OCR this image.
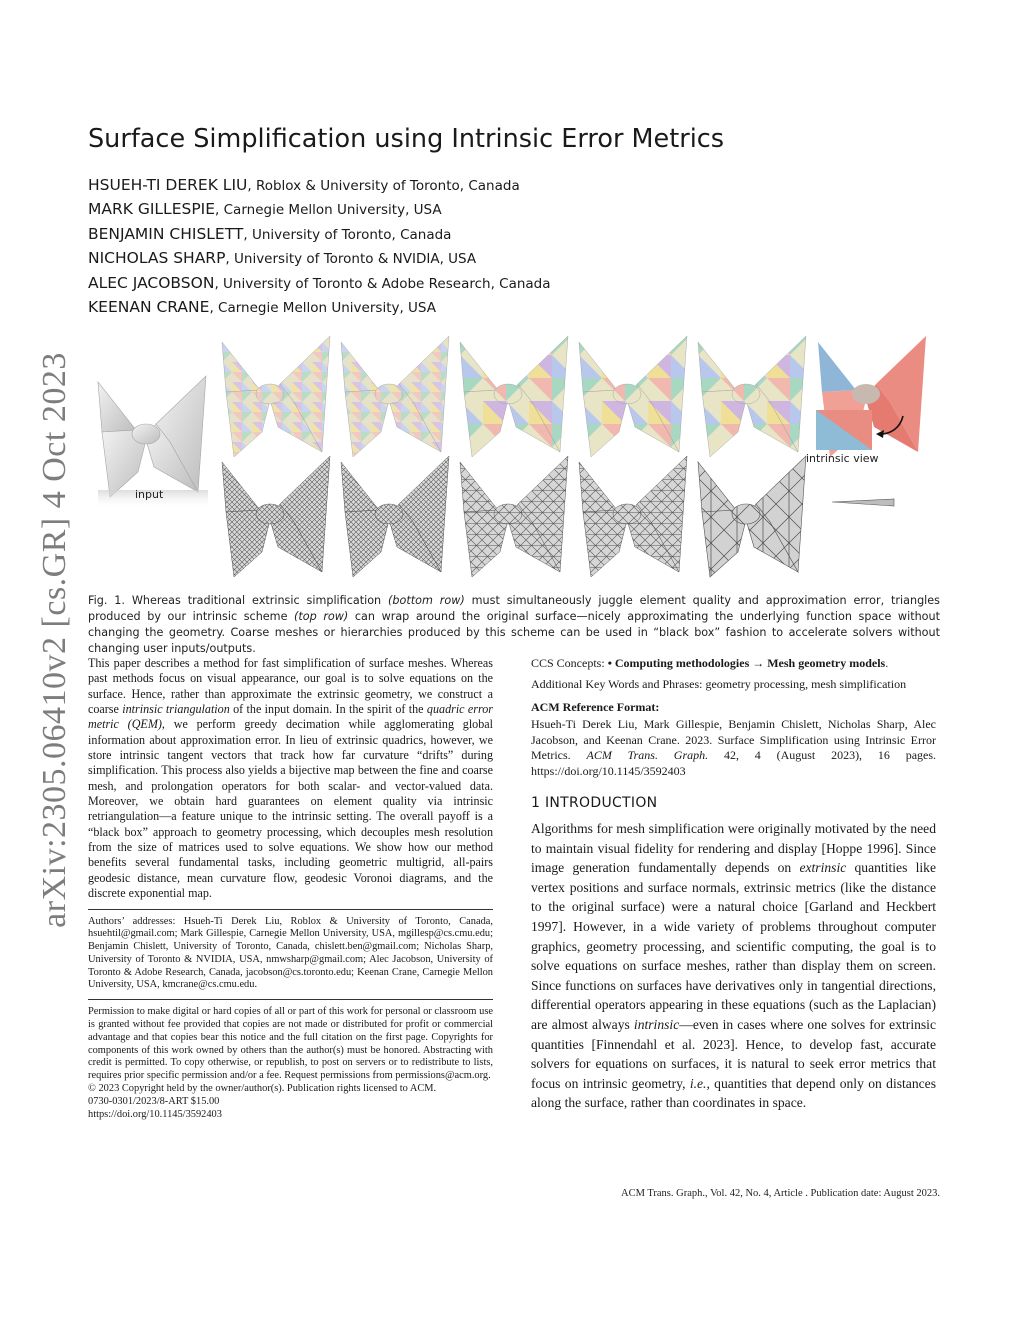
arXiv:2305.06410v2 [cs.GR] 4 Oct 2023
Surface Simplification using Intrinsic Error Metrics
HSUEH-TI DEREK LIU, Roblox & University of Toronto, Canada
MARK GILLESPIE, Carnegie Mellon University, USA
BENJAMIN CHISLETT, University of Toronto, Canada
NICHOLAS SHARP, University of Toronto & NVIDIA, USA
ALEC JACOBSON, University of Toronto & Adobe Research, Canada
KEENAN CRANE, Carnegie Mellon University, USA
input
intrinsic view
Fig. 1. Whereas traditional extrinsic simplification (bottom row) must simultaneously juggle element quality and approximation error, triangles produced by our intrinsic scheme (top row) can wrap around the original surface—nicely approximating the underlying function space without changing the geometry. Coarse meshes or hierarchies produced by this scheme can be used in “black box” fashion to accelerate solvers without changing user inputs/outputs.

This paper describes a method for fast simplification of surface meshes. Whereas past methods focus on visual appearance, our goal is to solve equations on the surface. Hence, rather than approximate the extrinsic geometry, we construct a coarse intrinsic triangulation of the input domain. In the spirit of the quadric error metric (QEM), we perform greedy decimation while agglomerating global information about approximation error. In lieu of extrinsic quadrics, however, we store intrinsic tangent vectors that track how far curvature “drifts” during simplification. This process also yields a bijective map between the fine and coarse mesh, and prolongation operators for both scalar- and vector-valued data. Moreover, we obtain hard guarantees on element quality via intrinsic retriangulation—a feature unique to the intrinsic setting. The overall payoff is a “black box” approach to geometry processing, which decouples mesh resolution from the size of matrices used to solve equations. We show how our method benefits several fundamental tasks, including geometric multigrid, all-pairs geodesic distance, mean curvature flow, geodesic Voronoi diagrams, and the discrete exponential map.

Authors’ addresses: Hsueh-Ti Derek Liu, Roblox & University of Toronto, Canada, hsuehtil@gmail.com; Mark Gillespie, Carnegie Mellon University, USA, mgillesp@cs.cmu.edu; Benjamin Chislett, University of Toronto, Canada, chislett.ben@gmail.com; Nicholas Sharp, University of Toronto & NVIDIA, USA, nmwsharp@gmail.com; Alec Jacobson, University of Toronto & Adobe Research, Canada, jacobson@cs.toronto.edu; Keenan Crane, Carnegie Mellon University, USA, kmcrane@cs.cmu.edu.

Permission to make digital or hard copies of all or part of this work for personal or classroom use is granted without fee provided that copies are not made or distributed for profit or commercial advantage and that copies bear this notice and the full citation on the first page. Copyrights for components of this work owned by others than the author(s) must be honored. Abstracting with credit is permitted. To copy otherwise, or republish, to post on servers or to redistribute to lists, requires prior specific permission and/or a fee. Request permissions from permissions@acm.org.

© 2023 Copyright held by the owner/author(s). Publication rights licensed to ACM.

0730-0301/2023/8-ART $15.00

https://doi.org/10.1145/3592403

CCS Concepts: • Computing methodologies → Mesh geometry models.

Additional Key Words and Phrases: geometry processing, mesh simplification

ACM Reference Format:

Hsueh-Ti Derek Liu, Mark Gillespie, Benjamin Chislett, Nicholas Sharp, Alec Jacobson, and Keenan Crane. 2023. Surface Simplification using Intrinsic Error Metrics. ACM Trans. Graph. 42, 4 (August 2023), 16 pages. https://doi.org/10.1145/3592403

1 INTRODUCTION

Algorithms for mesh simplification were originally motivated by the need to maintain visual fidelity for rendering and display [Hoppe 1996]. Since image generation fundamentally depends on extrinsic quantities like vertex positions and surface normals, extrinsic metrics (like the distance to the original surface) were a natural choice [Garland and Heckbert 1997]. However, in a wide variety of problems throughout computer graphics, geometry processing, and scientific computing, the goal is to solve equations on surface meshes, rather than display them on screen. Since functions on surfaces have derivatives only in tangential directions, differential operators appearing in these equations (such as the Laplacian) are almost always intrinsic—even in cases where one solves for extrinsic quantities [Finnendahl et al. 2023]. Hence, to develop fast, accurate solvers for equations on surfaces, it is natural to seek error metrics that focus on intrinsic geometry, i.e., quantities that depend only on distances along the surface, rather than coordinates in space.

ACM Trans. Graph., Vol. 42, No. 4, Article . Publication date: August 2023.
